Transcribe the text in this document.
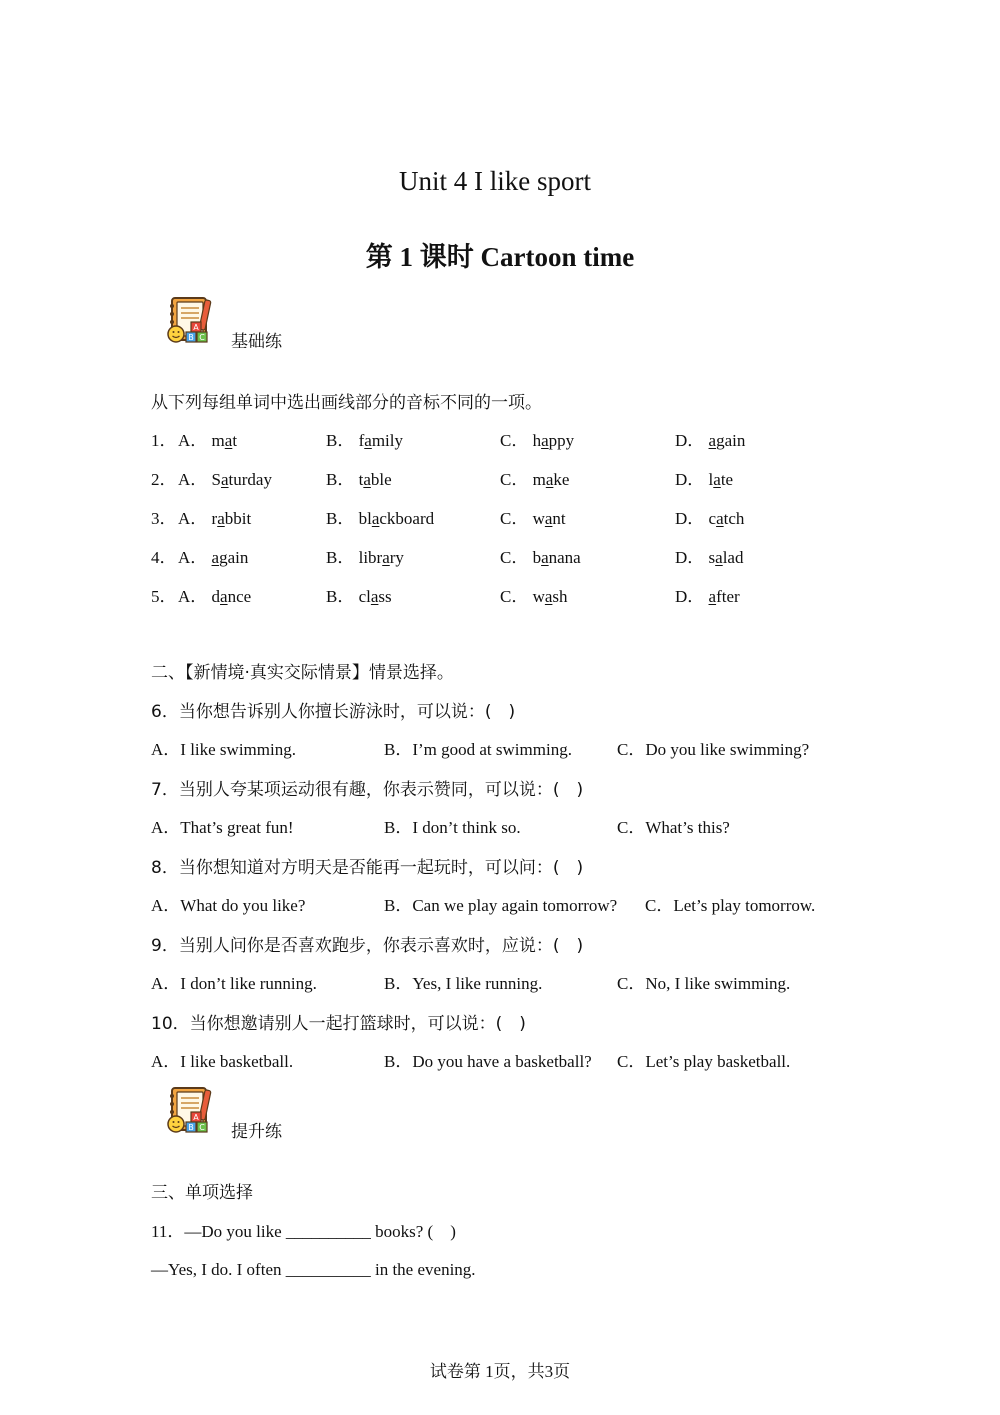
Unit 4 I like sport
第 1 课时 Cartoon time
A
B C 基础练
从下列每组单词中选出画线部分的音标不同的一项。
1． A． mat	B． family	C． happy	D． again
2． A． Saturday	B． table	C． make	D． late
3． A． rabbit	B． blackboard	C． want	D． catch
4． A． again	B． library	C． banana	D． salad
5． A． dance	B． class	C． wash	D． after
二、【新情境·真实交际情景】情景选择。
6．当你想告诉别人你擅长游泳时，可以说：(　)
A．I like swimming.	B．I’m good at swimming.	C．Do you like swimming?
7．当别人夸某项运动很有趣，你表示赞同，可以说：(　)
A．That’s great fun!	B．I don’t think so.	C．What’s this?
8．当你想知道对方明天是否能再一起玩时，可以问：(　)
A．What do you like?	B．Can we play again tomorrow? C．Let’s play tomorrow.
9．当别人问你是否喜欢跑步，你表示喜欢时，应说：(　)
A．I don’t like running.	B．Yes, I like running.	C．No, I like swimming.
10．当你想邀请别人一起打篮球时，可以说：(　)
A．I like basketball.	B．Do you have a basketball? C．Let’s play basketball.
A
B C 提升练
三、单项选择
11．—Do you like __________ books? (　)
—Yes, I do. I often __________ in the evening.
试卷第 1页，共3页
